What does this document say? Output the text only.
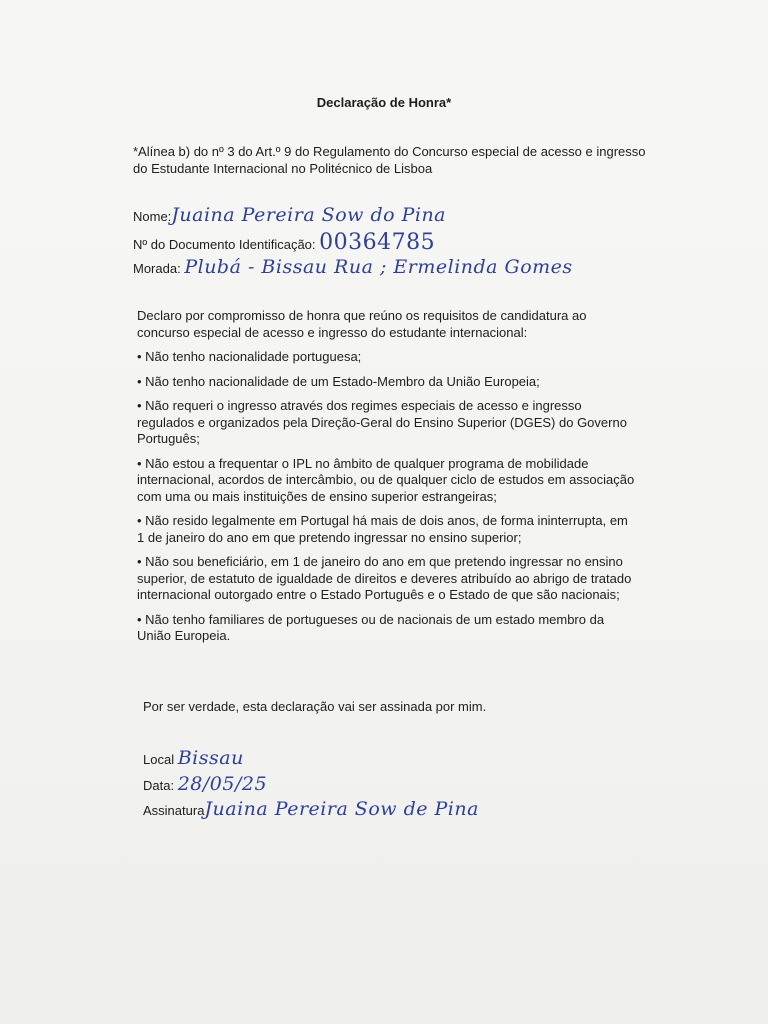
Declaração de Honra*
*Alínea b) do nº 3 do Art.º 9 do Regulamento do Concurso especial de acesso e ingresso do Estudante Internacional no Politécnico de Lisboa
Nome:Juaina Pereira Sow do Pina
Nº do Documento Identificação: 00364785
Morada: Plubá - Bissau Rua ; Ermelinda Gomes

Declaro por compromisso de honra que reúno os requisitos de candidatura ao concurso especial de acesso e ingresso do estudante internacional:

• Não tenho nacionalidade portuguesa;
• Não tenho nacionalidade de um Estado-Membro da União Europeia;
• Não requeri o ingresso através dos regimes especiais de acesso e ingresso regulados e organizados pela Direção-Geral do Ensino Superior (DGES) do Governo Português;
• Não estou a frequentar o IPL no âmbito de qualquer programa de mobilidade internacional, acordos de intercâmbio, ou de qualquer ciclo de estudos em associação com uma ou mais instituições de ensino superior estrangeiras;
• Não resido legalmente em Portugal há mais de dois anos, de forma ininterrupta, em 1 de janeiro do ano em que pretendo ingressar no ensino superior;
• Não sou beneficiário, em 1 de janeiro do ano em que pretendo ingressar no ensino superior, de estatuto de igualdade de direitos e deveres atribuído ao abrigo de tratado internacional outorgado entre o Estado Português e o Estado de que são nacionais;
• Não tenho familiares de portugueses ou de nacionais de um estado membro da União Europeia.
Por ser verdade, esta declaração vai ser assinada por mim.
Local Bissau
Data: 28/05/25
AssinaturaJuaina Pereira Sow de Pina
